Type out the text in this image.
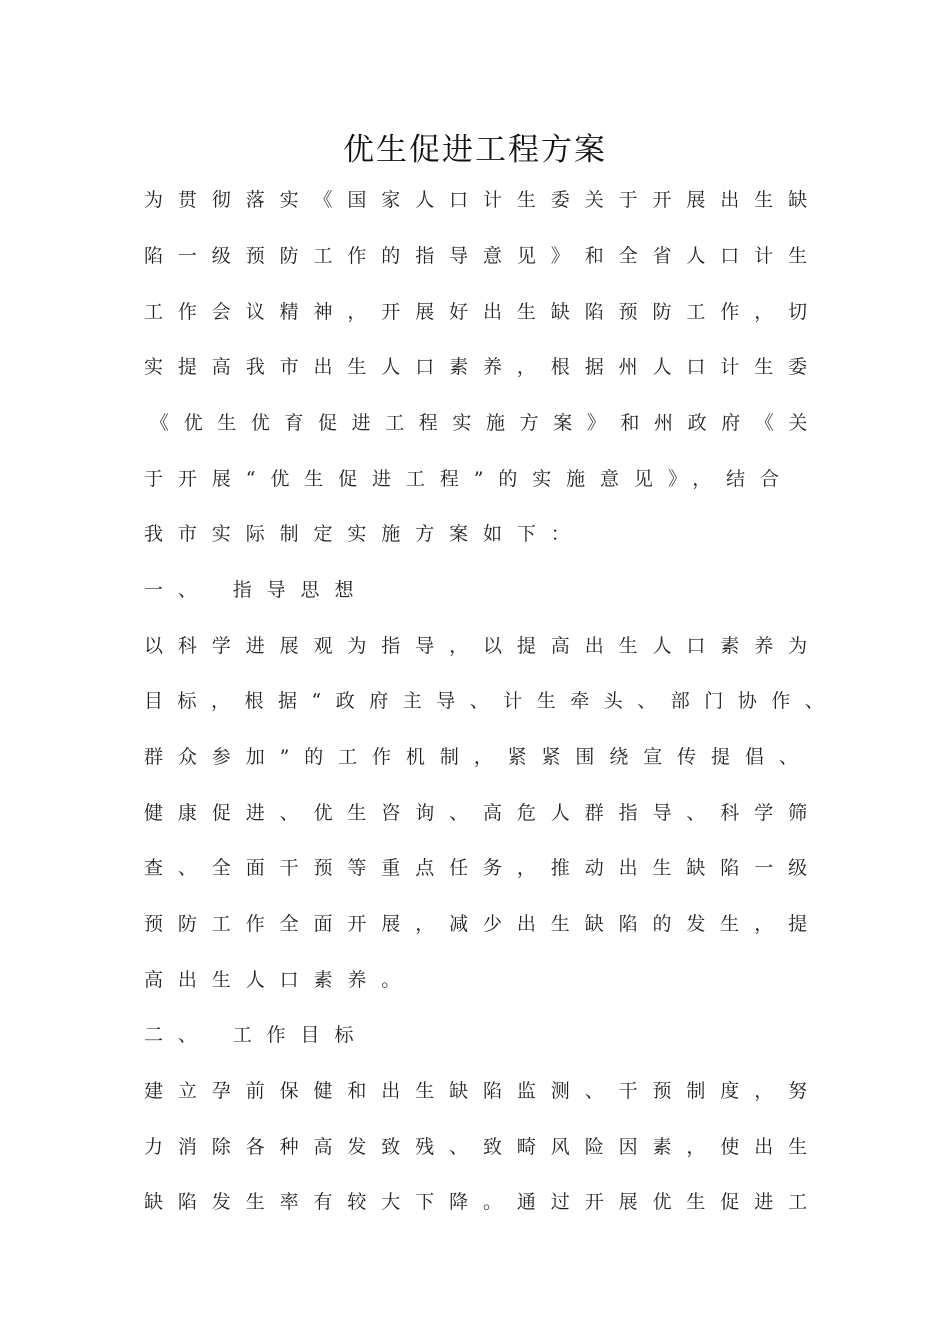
优生促进工程方案
为贯彻落实《国家人口计生委关于开展出生缺
陷一级预防工作的指导意见》和全省人口计生
工作会议精神，开展好出生缺陷预防工作，切
实提高我市出生人口素养，根据州人口计生委
《优生优育促进工程实施方案》和州政府《关
于开展“优生促进工程”的实施意见》，结合
我市实际制定实施方案如下：
一、 指导思想
以科学进展观为指导，以提高出生人口素养为
目标，根据“政府主导、计生牵头、部门协作、
群众参加”的工作机制，紧紧围绕宣传提倡、
健康促进、优生咨询、高危人群指导、科学筛
查、全面干预等重点任务，推动出生缺陷一级
预防工作全面开展，减少出生缺陷的发生，提
高出生人口素养。
二、 工作目标
建立孕前保健和出生缺陷监测、干预制度，努
力消除各种高发致残、致畸风险因素，使出生
缺陷发生率有较大下降。通过开展优生促进工
